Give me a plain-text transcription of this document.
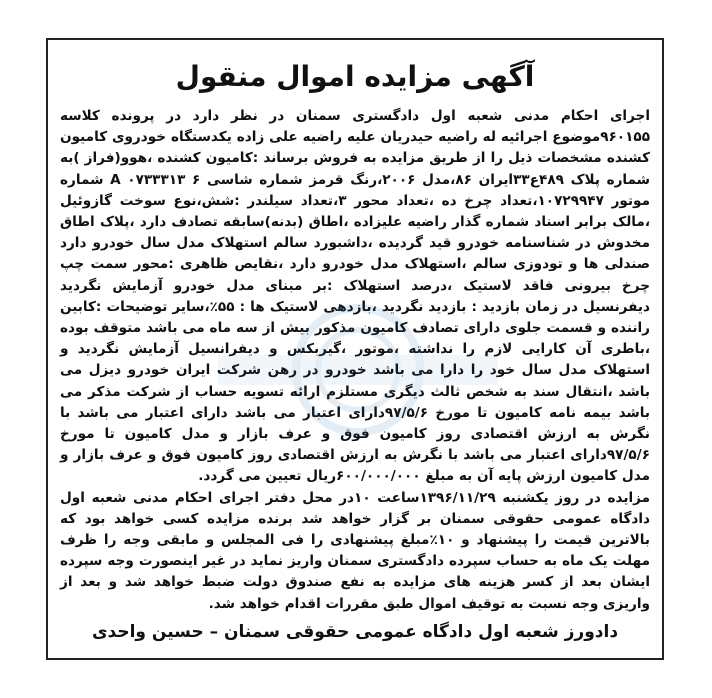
آگهی مزایده اموال منقول

اجرای احکام مدنی شعبه اول دادگستری سمنان در نظر دارد در پرونده کلاسه ۹۶۰۱۵۵موضوع اجرائیه له راضیه حیدریان علیه راضیه علی زاده یکدستگاه خودروی کامیون کشنده مشخصات ذیل را از طریق مزایده به فروش برساند :کامیون کشنده ،هوو(فراز )به شماره پلاک ۴۸۹ع۳۳ایران ۸۶،مدل ۲۰۰۶،رنگ قرمز شماره شاسی A ۰۷۳۳۳۱۳ ۶ شماره موتور ۱۰۷۲۹۹۴۷،تعداد چرخ ده ،تعداد محور ۳،تعداد سیلندر :شش،نوع سوخت گازوئیل ،مالک برابر اسناد شماره گذار راضیه علیزاده ،اطاق (بدنه)سابقه تصادف دارد ،پلاک اطاق مخدوش در شناسنامه خودرو قید گردیده ،داشبورد سالم استهلاک مدل سال خودرو دارد صندلی ها و تودوزی سالم ،استهلاک مدل خودرو دارد ،نقایص ظاهری :محور سمت چپ چرخ بیرونی فاقد لاستیک ،درصد استهلاک :بر مبنای مدل خودرو آزمایش نگردید دیفرنسیل در زمان بازدید : بازدید نگردید ،بازدهی لاستیک ها : ۵۵٪،سایر توضیحات :کابین راننده و قسمت جلوی دارای تصادف کامیون مذکور بیش از سه ماه می باشد متوقف بوده ،باطری آن کارایی لازم را نداشته ،موتور ،گیربکس و دیفرانسیل آزمایش نگردید و استهلاک مدل سال خود را دارا می باشد خودرو در رهن شرکت ایران خودرو دیزل می باشد ،انتقال سند به شخص ثالث دیگری مستلزم ارائه تسویه حساب از شرکت مذکر می باشد بیمه نامه کامیون تا مورخ ۹۷/۵/۶دارای اعتبار می باشد دارای اعتبار می باشد با نگرش به ارزش اقتصادی روز کامیون فوق و عرف بازار و مدل کامیون تا مورخ ۹۷/۵/۶دارای اعتبار می باشد با نگرش به ارزش اقتصادی روز کامیون فوق و عرف بازار و مدل کامیون ارزش پایه آن به مبلغ ۶۰۰/۰۰۰/۰۰۰ریال تعیین می گردد.

مزایده در روز یکشنبه ۱۳۹۶/۱۱/۲۹ساعت ۱۰در محل دفتر اجرای احکام مدنی شعبه اول دادگاه عمومی حقوقی سمنان بر گزار خواهد شد برنده مزایده کسی خواهد بود که بالاترین قیمت را پیشنهاد و ۱۰٪مبلغ پیشنهادی را فی المجلس و مابقی وجه را ظرف مهلت یک ماه به حساب سپرده دادگستری سمنان واریز نماید در غیر اینصورت وجه سپرده ایشان بعد از کسر هزینه های مزایده به نفع صندوق دولت ضبط خواهد شد و بعد از واریزی وجه نسبت به توقیف اموال طبق مقررات اقدام خواهد شد.

دادورز شعبه اول دادگاه عمومی حقوقی سمنان – حسین واحدی
